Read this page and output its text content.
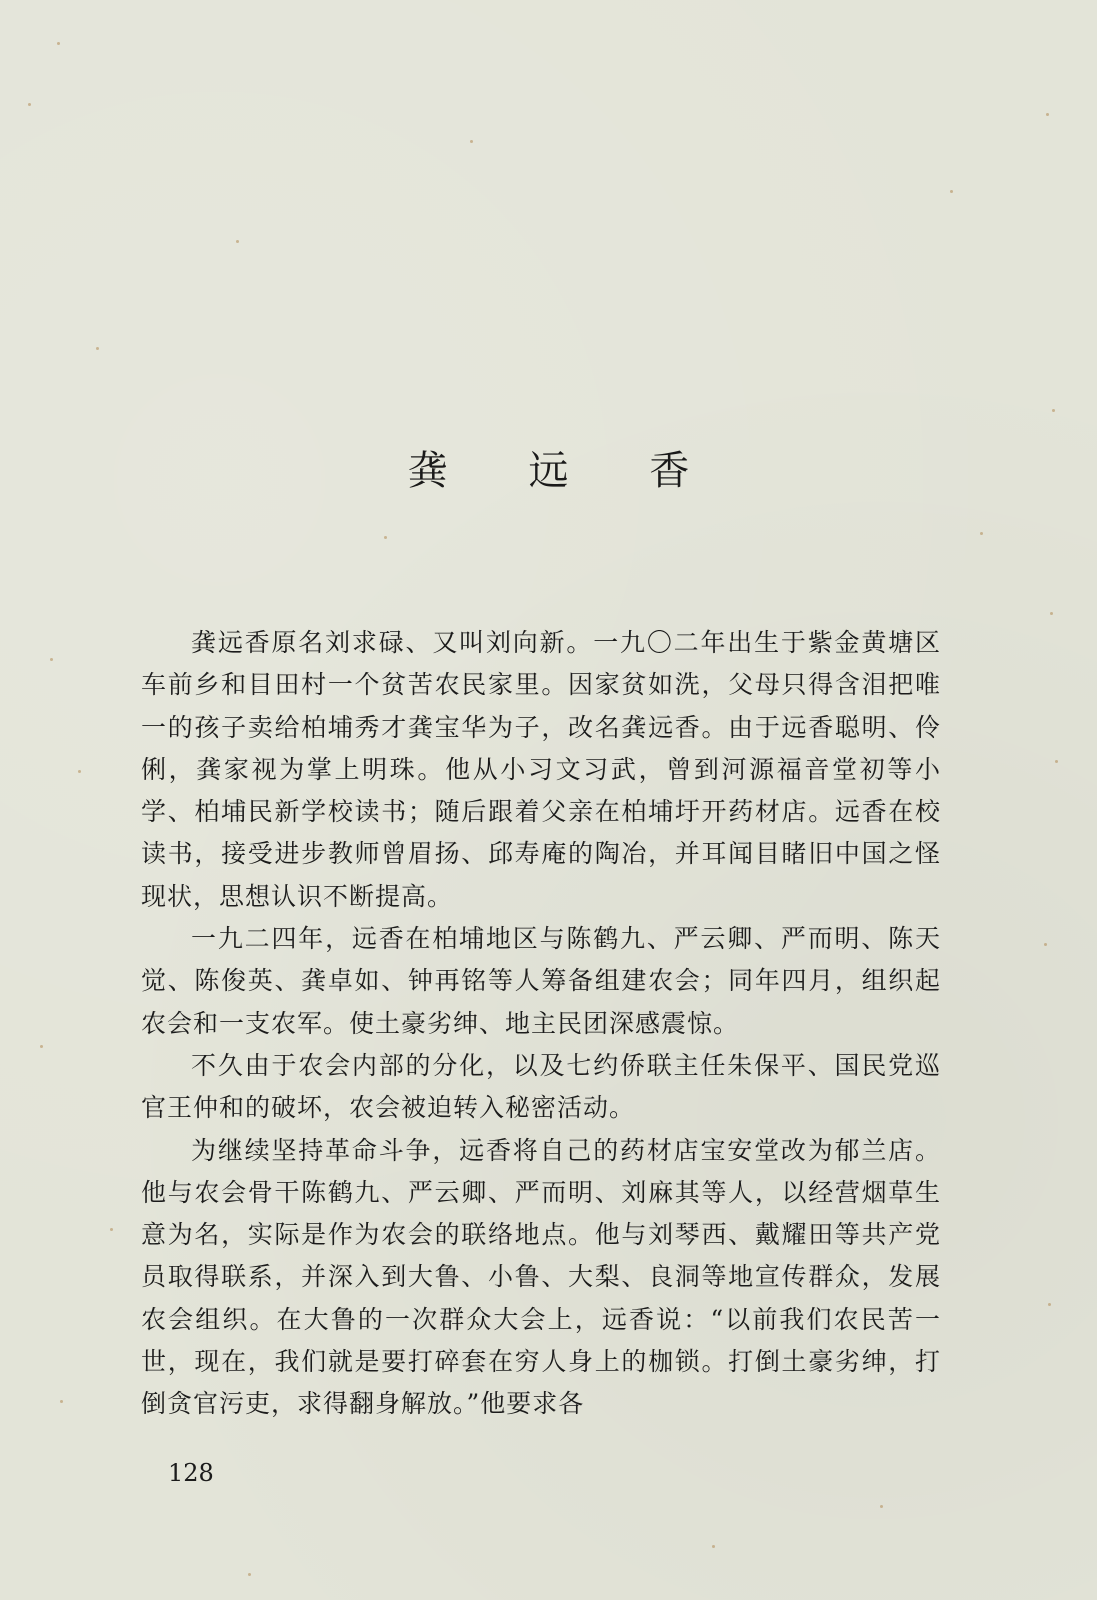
龚 远 香

龚远香原名刘求碌、又叫刘向新。一九〇二年出生于紫金黄塘区车前乡和目田村一个贫苦农民家里。因家贫如洗，父母只得含泪把唯一的孩子卖给柏埔秀才龚宝华为子，改名龚远香。由于远香聪明、伶俐，龚家视为掌上明珠。他从小习文习武，曾到河源福音堂初等小学、柏埔民新学校读书；随后跟着父亲在柏埔圩开药材店。远香在校读书，接受进步教师曾眉扬、邱寿庵的陶冶，并耳闻目睹旧中国之怪现状，思想认识不断提高。

一九二四年，远香在柏埔地区与陈鹤九、严云卿、严而明、陈天觉、陈俊英、龚卓如、钟再铭等人筹备组建农会；同年四月，组织起农会和一支农军。使土豪劣绅、地主民团深感震惊。

不久由于农会内部的分化，以及七约侨联主任朱保平、国民党巡官王仲和的破坏，农会被迫转入秘密活动。

为继续坚持革命斗争，远香将自己的药材店宝安堂改为郁兰店。他与农会骨干陈鹤九、严云卿、严而明、刘麻其等人，以经营烟草生意为名，实际是作为农会的联络地点。他与刘琴西、戴耀田等共产党员取得联系，并深入到大鲁、小鲁、大梨、良洞等地宣传群众，发展农会组织。在大鲁的一次群众大会上，远香说：“以前我们农民苦一世，现在，我们就是要打碎套在穷人身上的枷锁。打倒土豪劣绅，打倒贪官污吏，求得翻身解放。”他要求各

128
